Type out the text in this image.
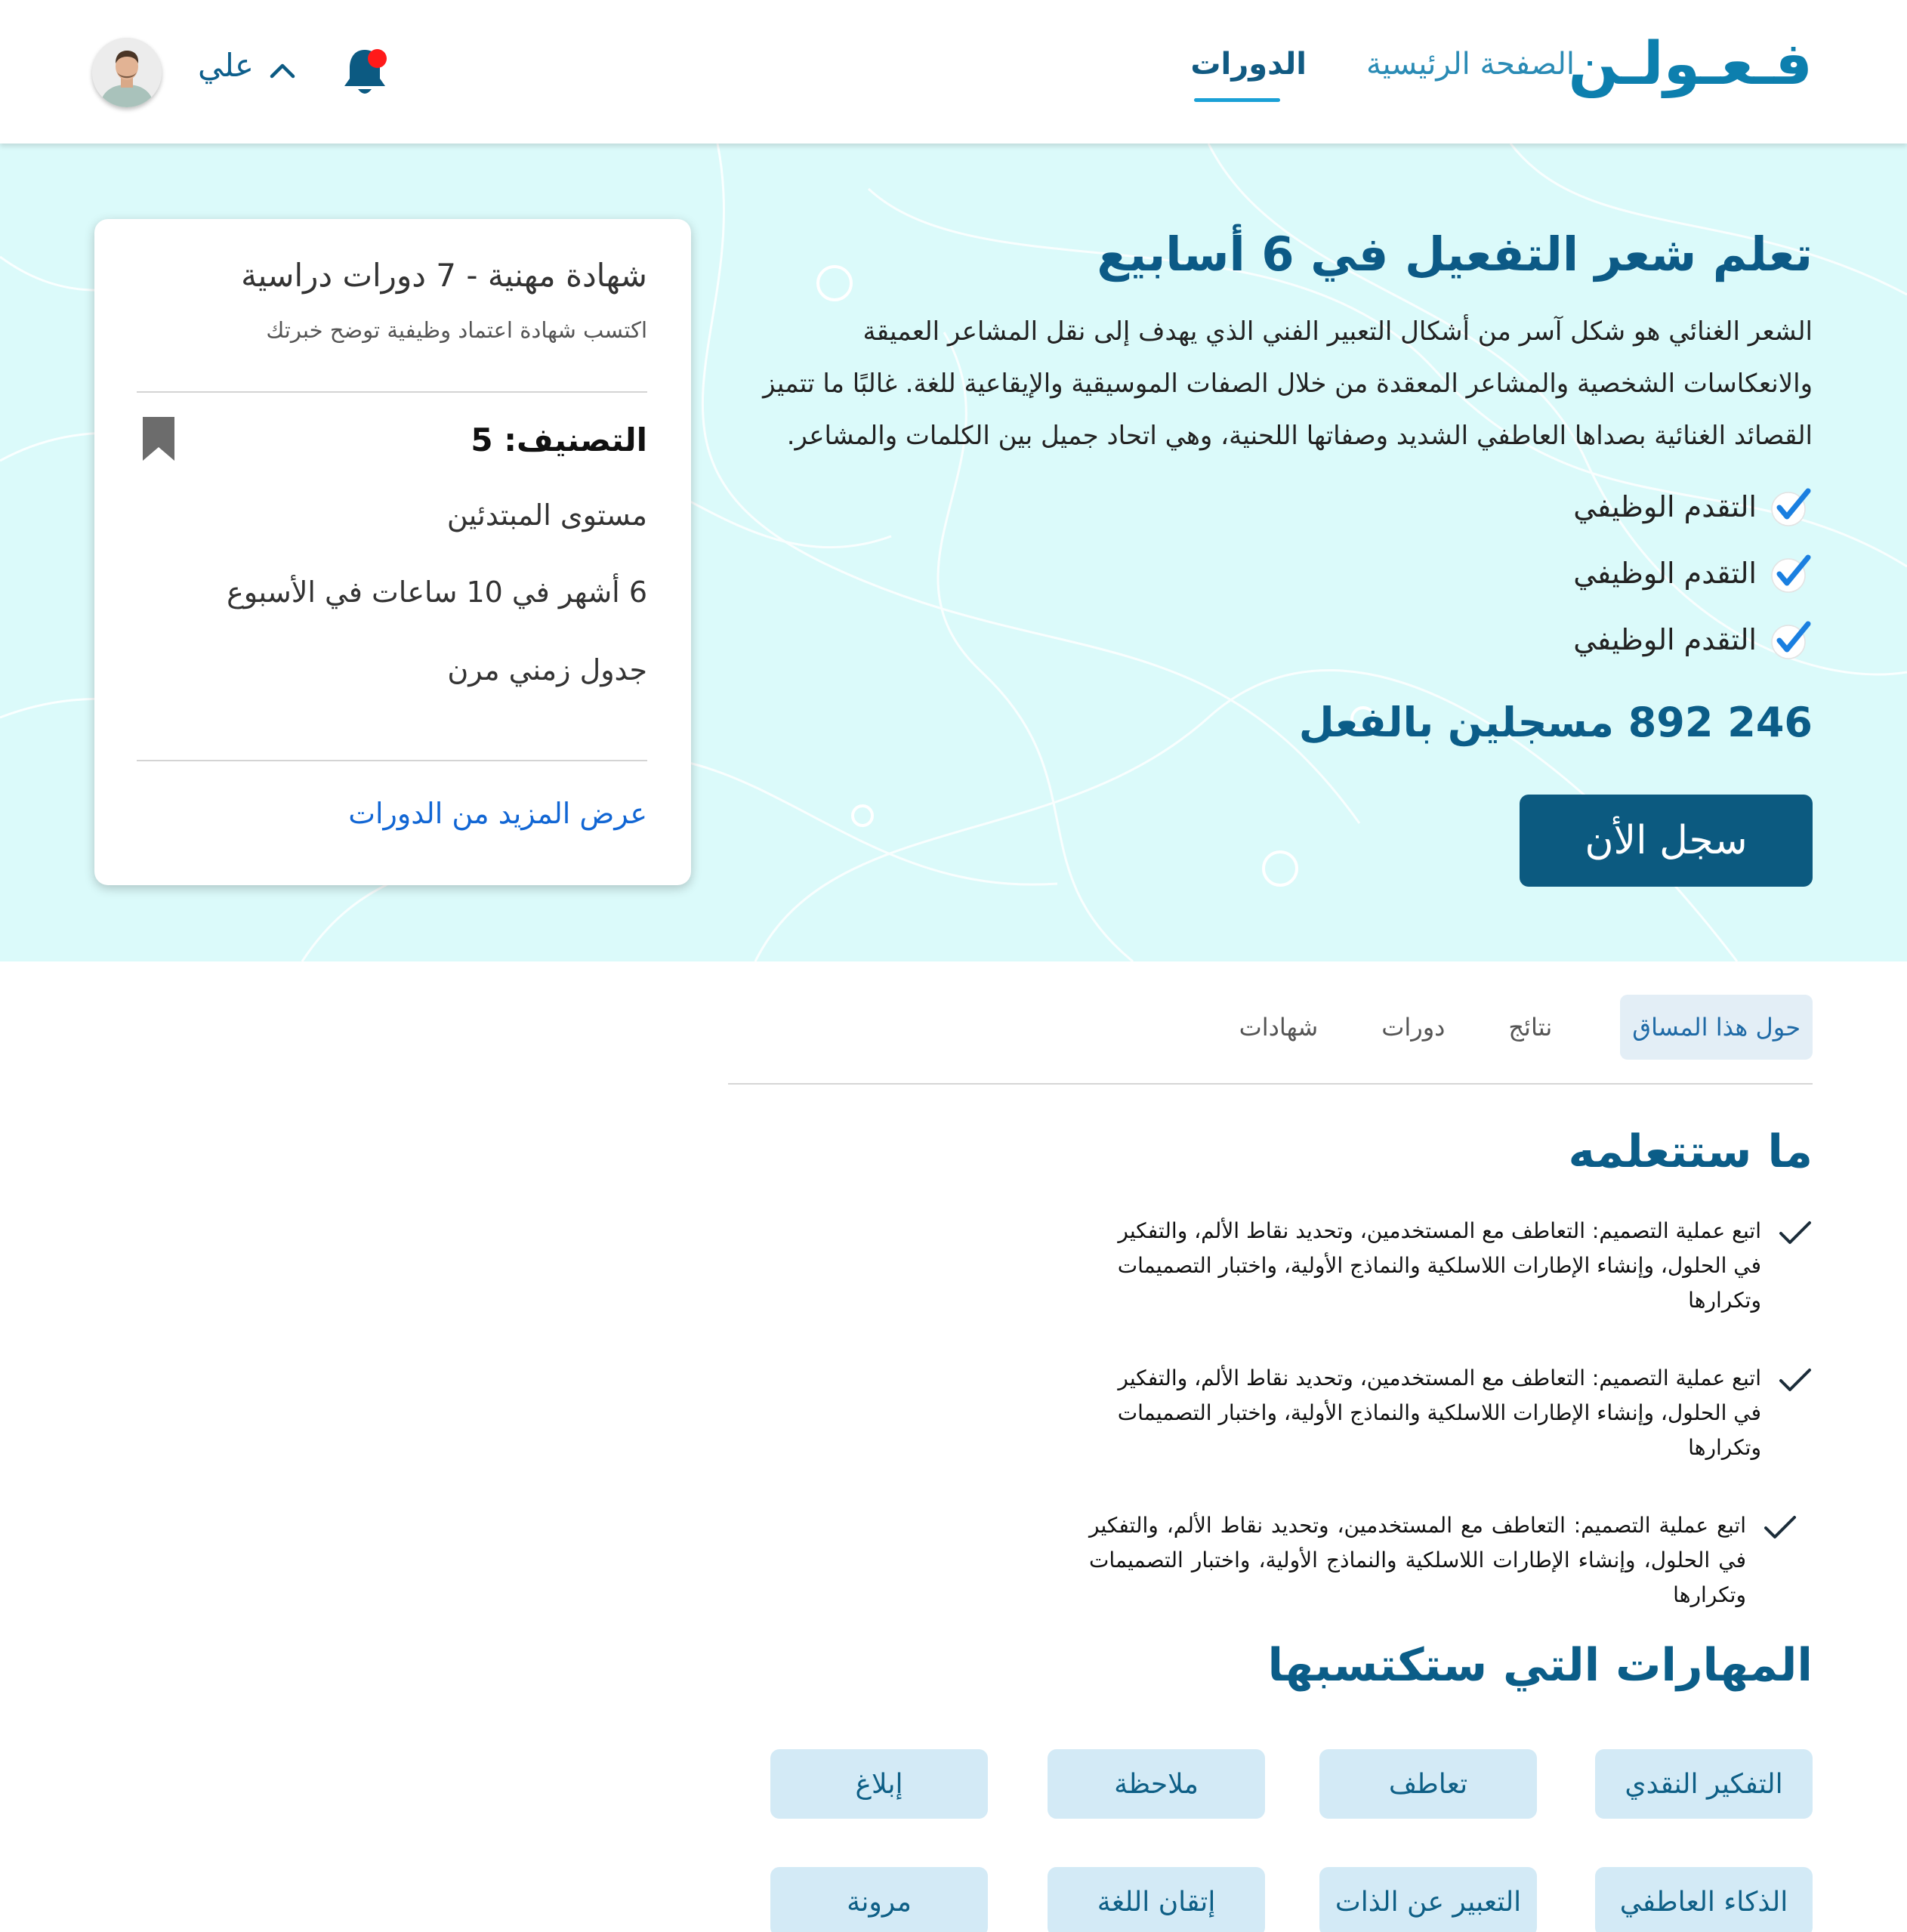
فـعـولـن
الصفحة الرئيسية
الدورات
علي
تعلم شعر التفعيل في 6 أسابيع

الشعر الغنائي هو شكل آسر من أشكال التعبير الفني الذي يهدف إلى نقل المشاعر العميقة والانعكاسات الشخصية والمشاعر المعقدة من خلال الصفات الموسيقية والإيقاعية للغة. غالبًا ما تتميز القصائد الغنائية بصداها العاطفي الشديد وصفاتها اللحنية، وهي اتحاد جميل بين الكلمات والمشاعر.

التقدم الوظيفي
التقدم الوظيفي
التقدم الوظيفي
246 892 مسجلين بالفعل
سجل الأن
شهادة مهنية - 7 دورات دراسية
اكتسب شهادة اعتماد وظيفية توضح خبرتك
التصنيف: 5
مستوى المبتدئين
6 أشهر في 10 ساعات في الأسبوع
جدول زمني مرن
عرض المزيد من الدورات
حول هذا المساق
نتائج
دورات
شهادات
ما ستتعلمه

اتبع عملية التصميم: التعاطف مع المستخدمين، وتحديد نقاط الألم، والتفكير في الحلول، وإنشاء الإطارات اللاسلكية والنماذج الأولية، واختبار التصميمات وتكرارها

اتبع عملية التصميم: التعاطف مع المستخدمين، وتحديد نقاط الألم، والتفكير في الحلول، وإنشاء الإطارات اللاسلكية والنماذج الأولية، واختبار التصميمات وتكرارها

اتبع عملية التصميم: التعاطف مع المستخدمين، وتحديد نقاط الألم، والتفكير في الحلول، وإنشاء الإطارات اللاسلكية والنماذج الأولية، واختبار التصميمات وتكرارها

المهارات التي ستكتسبها
التفكير النقدي
تعاطف
ملاحظة
إبلاغ
الذكاء العاطفي
التعبير عن الذات
إتقان اللغة
مرونة
